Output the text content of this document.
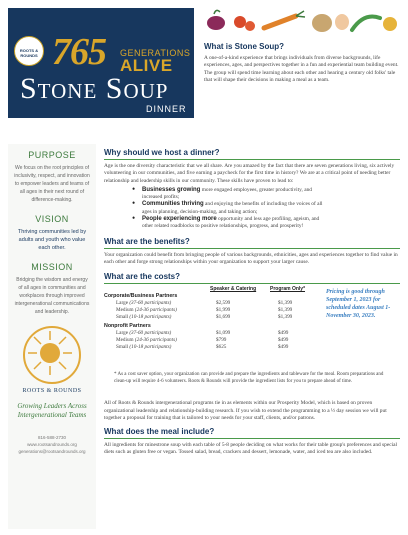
ROOTS & ROUNDS 765 GENERATIONS
ALIVE
Stone Soup
DINNER
What is Stone Soup?
A one-of-a-kind experience that brings individuals from diverse backgrounds, life experiences, ages, and perspectives together in a fun and experiential team building event. The group will spend time learning about each other and hearing a century old folks' tale that will shape their decisions in making a meal as a team.
PURPOSE
We focus on the root principles of inclusivity, respect, and innovation to empower leaders and teams of all ages in their next round of difference-making.
VISION
Thriving communities led by adults and youth who value each other.
MISSION
Bridging the wisdom and energy of all ages in communities and workplaces through improved intergenerational communications and leadership.
ROOTS & ROUNDS
Growing Leaders Across Intergenerational Teams
816-588-2730
www.rootsandrounds.org
generations@rootsandrounds.org
Why should we host a dinner?
Age is the one diversity characteristic that we all share. Are you amazed by the fact that there are seven generations living, six actively volunteering in our communities, and five earning a paycheck for the first time in history? We are at a critical point of needing better relationship and leadership skills in our community. These skills have proven to lead to:
• Businesses growing more engaged employees, greater productivity, and increased profits;
• Communities thriving and enjoying the benefits of including the voices of all ages in planning, decision-making, and taking action;
• People experiencing more opportunity and less age profiling, ageism, and other related roadblocks to positive relationships, progress, and prosperity!
What are the benefits?
Your organization could benefit from bringing people of various backgrounds, ethnicities, ages and experiences together to find value in each other and forge strong relationships within your organization to support your larger cause.
What are the costs?
	Speaker & Catering	Program Only*
Corporate/Business Partners		
Large (37-60 participants)	$2,599	$1,399
Medium (24-36 participants)	$1,999	$1,399
Small (10-18 participants)	$1,699	$1,399
Nonprofit Partners		
Large (37-60 participants)	$1,099	$499
Medium (24-36 participants)	$799	$499
Small (10-18 participants)	$625	$499
Pricing is good through September 1, 2023 for scheduled dates August 1-November 30, 2023.
* As a cost saver option, your organization can provide and prepare the ingredients and tableware for the meal. Room preparations and clean-up will require 4-6 volunteers. Roots & Rounds will provide the ingredient lists for you to prepare ahead of time.
All of Roots & Rounds intergenerational programs tie in as elements within our Prosperity Model, which is based on proven organizational leadership and relationship-building research. If you wish to extend the programming to a ½ day session we will put together a proposal for training that is tailored to your needs for your staff, clients, and/or patrons.
What does the meal include?
All ingredients for minestrone soup with each table of 5-8 people deciding on what works for their table group's preferences and special diets such as gluten free or vegan. Tossed salad, bread, crackers and dessert, lemonade, water, and iced tea are also included.
